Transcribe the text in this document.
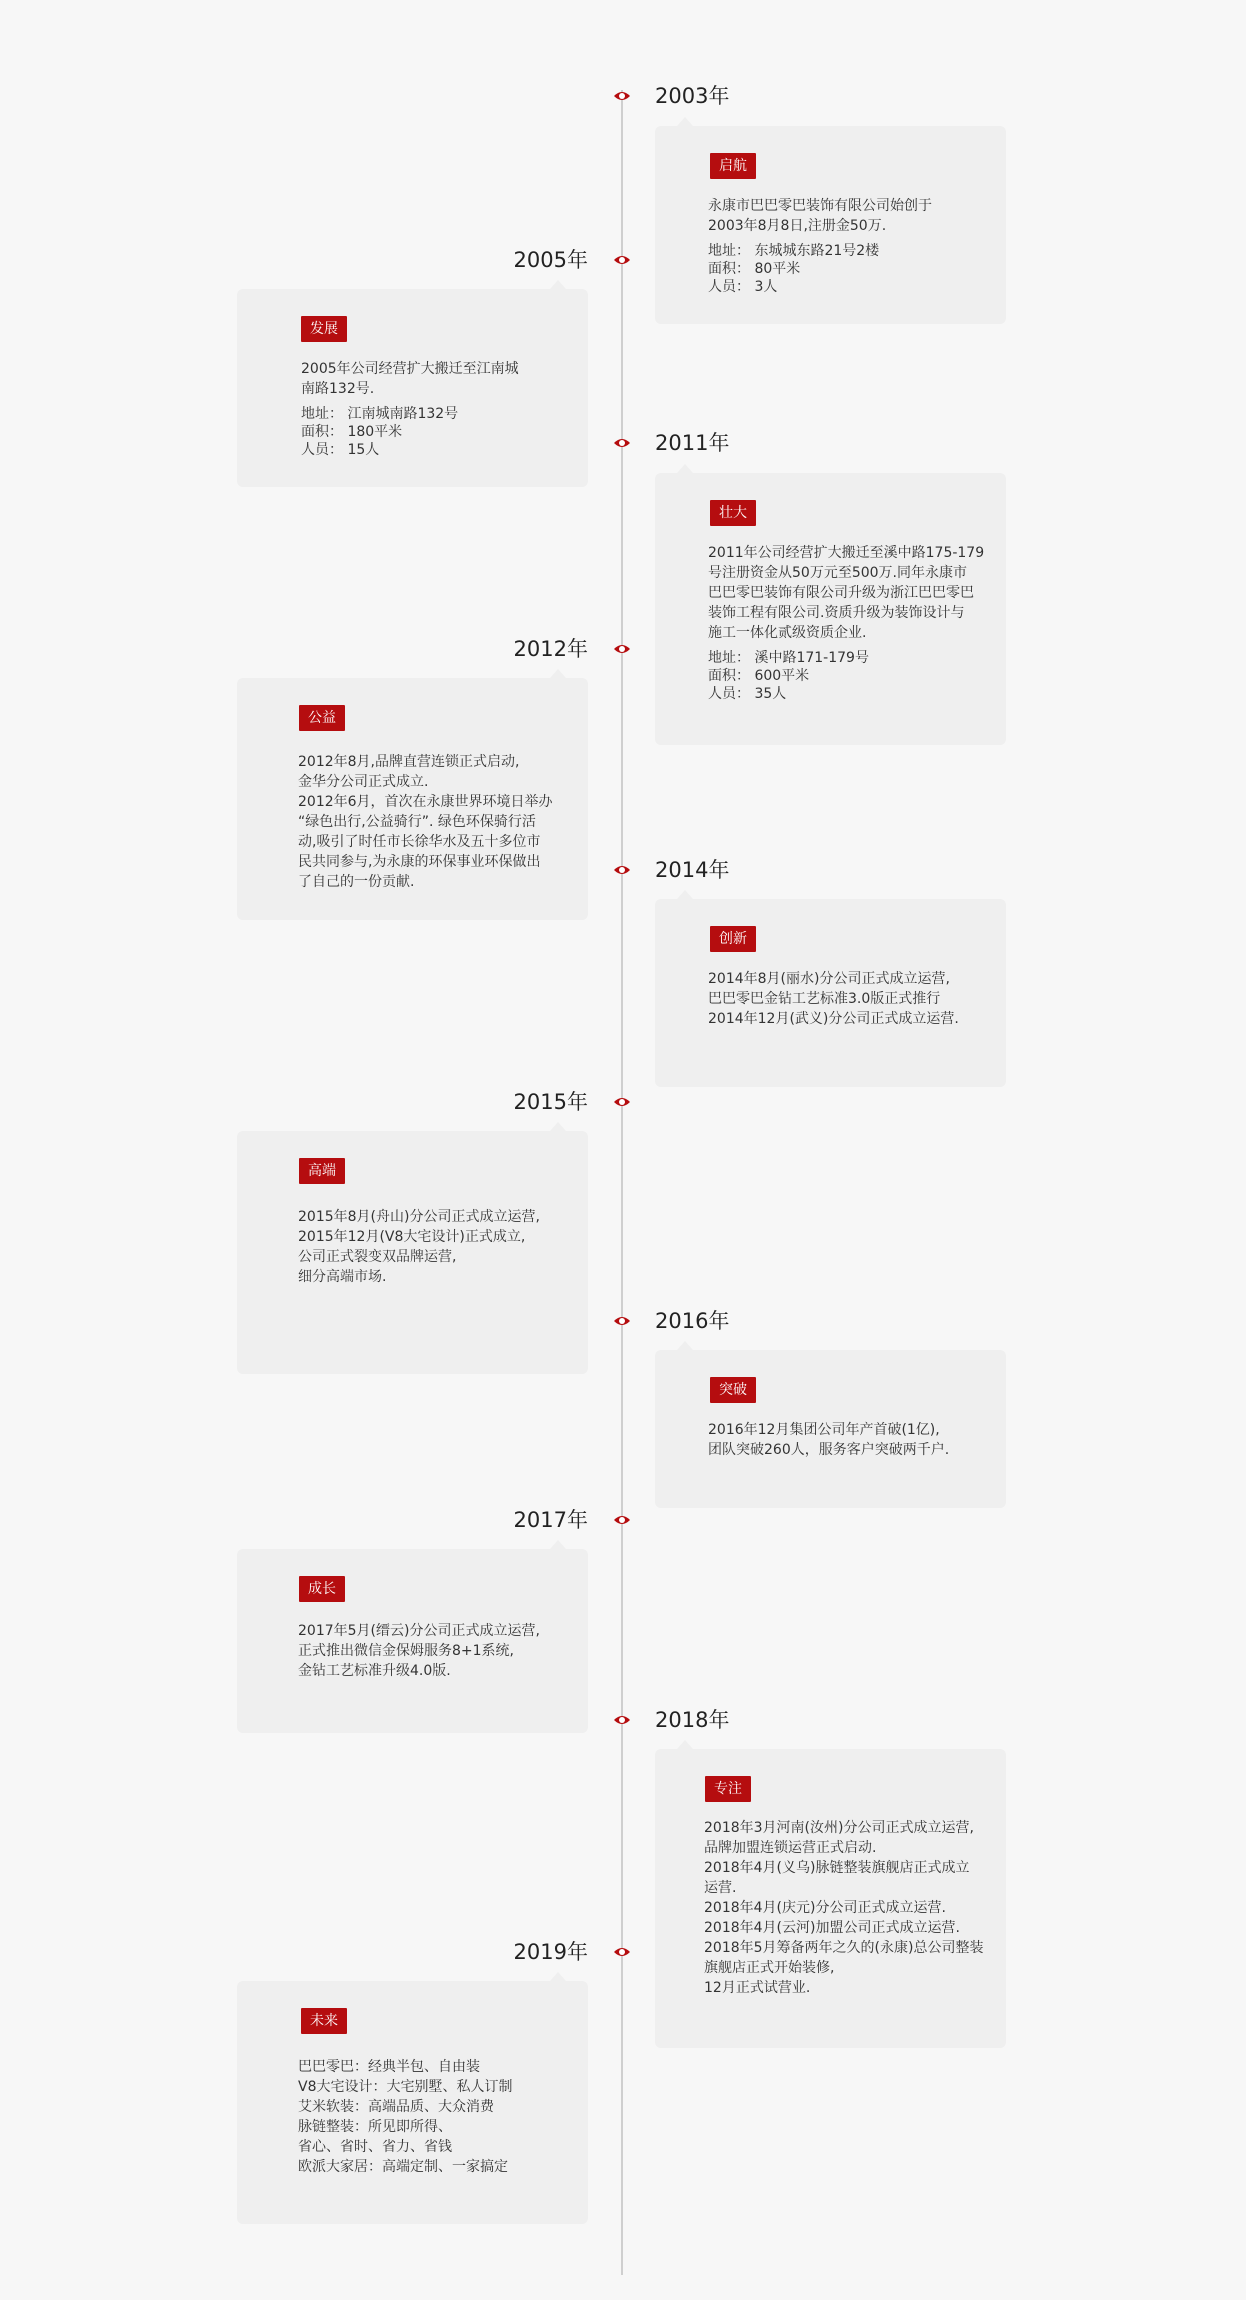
2003年
启航
永康市巴巴零巴装饰有限公司始创于
2003年8月8日,注册金50万.
地址： 东城城东路21号2楼
面积： 80平米
人员： 3人
2005年
发展
2005年公司经营扩大搬迁至江南城
南路132号.
地址： 江南城南路132号
面积： 180平米
人员： 15人	2011年
壮大
2011年公司经营扩大搬迁至溪中路175-179
号注册资金从50万元至500万.同年永康市
巴巴零巴装饰有限公司升级为浙江巴巴零巴
装饰工程有限公司.资质升级为装饰设计与
施工一体化贰级资质企业.
地址： 溪中路171-179号
面积： 600平米
人员： 35人
2012年
公益
2012年8月,品牌直营连锁正式启动,
金华分公司正式成立.
2012年6月，首次在永康世界环境日举办
“绿色出行,公益骑行”. 绿色环保骑行活
动,吸引了时任市长徐华水及五十多位市
民共同参与,为永康的环保事业环保做出
了自己的一份贡献.	2014年
创新
2014年8月(丽水)分公司正式成立运营,
巴巴零巴金钻工艺标准3.0版正式推行
2014年12月(武义)分公司正式成立运营.
2015年
高端
2015年8月(舟山)分公司正式成立运营,
2015年12月(V8大宅设计)正式成立,
公司正式裂变双品牌运营,
细分高端市场.
2016年
突破
2016年12月集团公司年产首破(1亿),
团队突破260人，服务客户突破两千户.
2017年
成长
2017年5月(缙云)分公司正式成立运营,
正式推出微信金保姆服务8+1系统,
金钻工艺标准升级4.0版.
2018年
专注
2018年3月河南(汝州)分公司正式成立运营,
品牌加盟连锁运营正式启动.
2018年4月(义乌)脉链整装旗舰店正式成立
运营.
2018年4月(庆元)分公司正式成立运营.
2018年4月(云河)加盟公司正式成立运营.
2018年5月筹备两年之久的(永康)总公司整装
旗舰店正式开始装修,
12月正式试营业.
2019年
未来
巴巴零巴：经典半包、自由装
V8大宅设计：大宅别墅、私人订制
艾米软装：高端品质、大众消费
脉链整装：所见即所得、
省心、省时、省力、省钱
欧派大家居：高端定制、一家搞定
